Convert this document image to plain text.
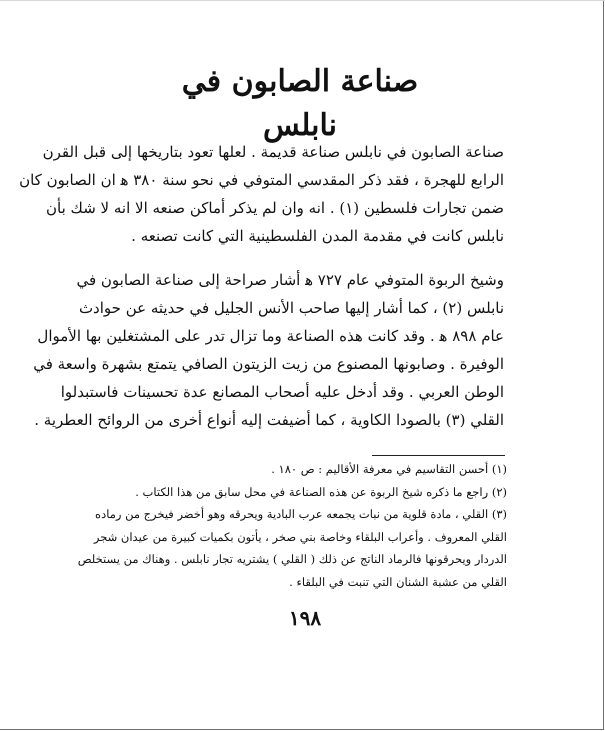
صناعة الصابون في نابلس
صناعة الصابون في نابلس صناعة قديمة . لعلها تعود بتاريخها إلى قبل القرن
الرابع للهجرة ، فقد ذكر المقدسي المتوفي في نحو سنة ٣٨٠ ﻫ ان الصابون كان
ضمن تجارات فلسطين (١) . انه وان لم يذكر أماكن صنعه الا انه لا شك بأن
نابلس كانت في مقدمة المدن الفلسطينية التي كانت تصنعه .
وشيخ الربوة المتوفي عام ٧٢٧ ﻫ أشار صراحة إلى صناعة الصابون في
نابلس (٢) ، كما أشار إليها صاحب الأنس الجليل في حديثه عن حوادث
عام ٨٩٨ ﻫ . وقد كانت هذه الصناعة وما تزال تدر على المشتغلين بها الأموال
الوفيرة . وصابونها المصنوع من زيت الزيتون الصافي يتمتع بشهرة واسعة في
الوطن العربي . وقد أدخل عليه أصحاب المصانع عدة تحسينات فاستبدلوا
القلي (٣) بالصودا الكاوية ، كما أضيفت إليه أنواع أخرى من الروائح العطرية .
(١) أحسن التقاسيم في معرفة الأقاليم : ص ١٨٠ .
(٢) راجع ما ذكره شيخ الربوة عن هذه الصناعة في محل سابق من هذا الكتاب .
(٣) القلي ، مادة قلوية من نبات يجمعه عرب البادية ويحرقه وهو أخضر فيخرج من رماده
القلي المعروف . وأعراب البلقاء وخاصة بني صخر ، يأتون بكميات كبيرة من عيدان شجر
الدردار ويحرقونها فالرماد الناتج عن ذلك ( القلي ) يشتريه تجار نابلس . وهناك من يستخلص
القلي من عشبة الشنان التي تنبت في البلقاء .
١٩٨
